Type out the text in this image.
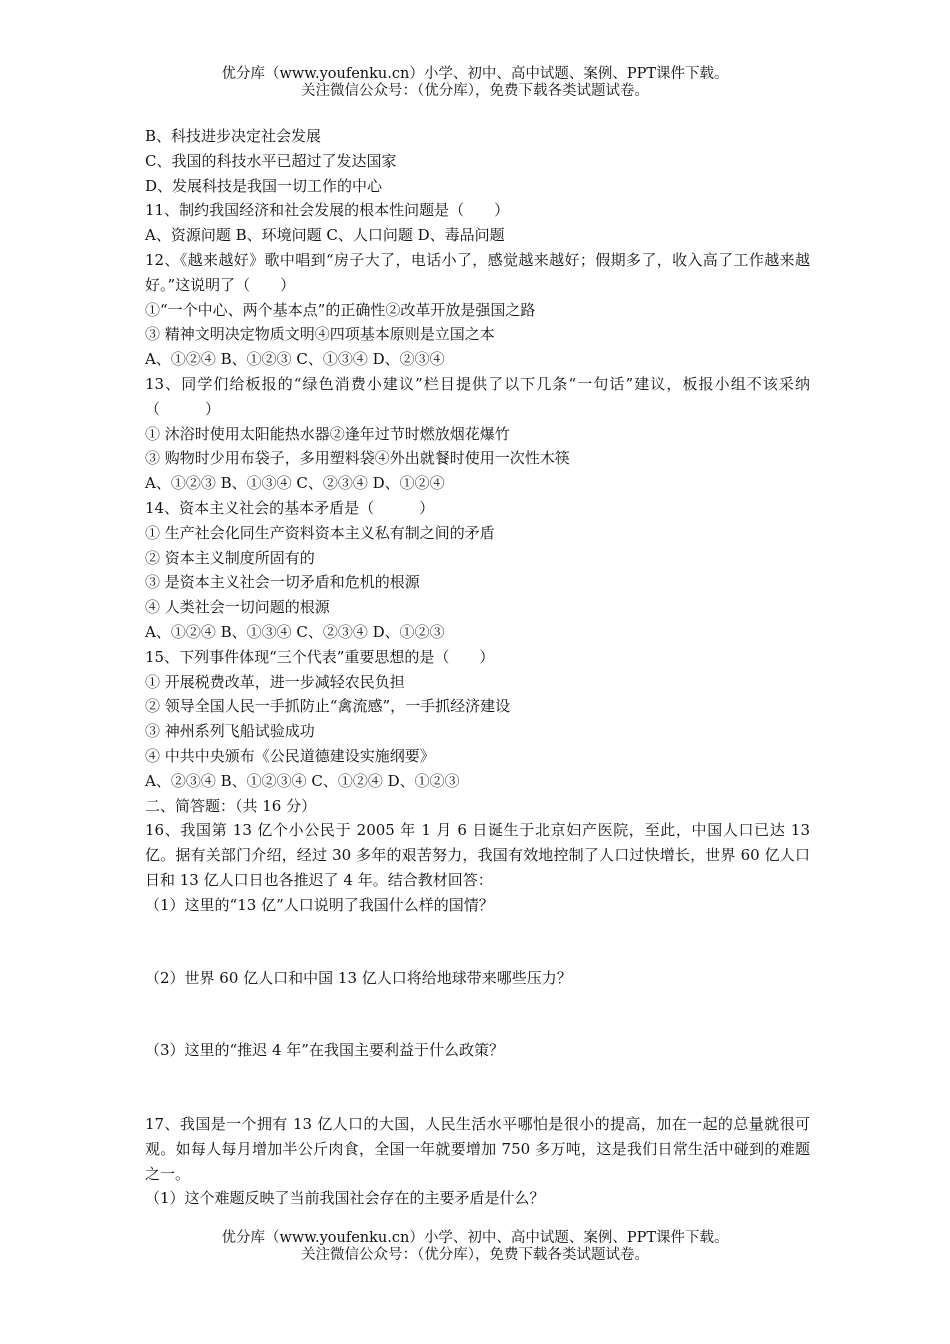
优分库（www.youfenku.cn）小学、初中、高中试题、案例、PPT课件下载。
关注微信公众号：（优分库），免费下载各类试题试卷。

B、科技进步决定社会发展

C、我国的科技水平已超过了发达国家

D、发展科技是我国一切工作的中心

11、制约我国经济和社会发展的根本性问题是（　　）

A、资源问题 B、环境问题 C、人口问题 D、毒品问题

12、《越来越好》歌中唱到“房子大了，电话小了，感觉越来越好；假期多了，收入高了工作越来越好。”这说明了（　　）

①“一个中心、两个基本点”的正确性②改革开放是强国之路

③ 精神文明决定物质文明④四项基本原则是立国之本

A、①②④ B、①②③ C、①③④ D、②③④

13、同学们给板报的“绿色消费小建议”栏目提供了以下几条“一句话”建议，板报小组不该采纳（　　　）

① 沐浴时使用太阳能热水器②逢年过节时燃放烟花爆竹

③ 购物时少用布袋子，多用塑料袋④外出就餐时使用一次性木筷

A、①②③ B、①③④ C、②③④ D、①②④

14、资本主义社会的基本矛盾是（　　　）

① 生产社会化同生产资料资本主义私有制之间的矛盾

② 资本主义制度所固有的

③ 是资本主义社会一切矛盾和危机的根源

④ 人类社会一切问题的根源

A、①②④ B、①③④ C、②③④ D、①②③

15、下列事件体现“三个代表”重要思想的是（　　）

① 开展税费改革，进一步减轻农民负担

② 领导全国人民一手抓防止“禽流感”，一手抓经济建设

③ 神州系列飞船试验成功

④ 中共中央颁布《公民道德建设实施纲要》

A、②③④ B、①②③④ C、①②④ D、①②③

二、简答题：（共 16 分）

16、我国第 13 亿个小公民于 2005 年 1 月 6 日诞生于北京妇产医院，至此，中国人口已达 13 亿。据有关部门介绍，经过 30 多年的艰苦努力，我国有效地控制了人口过快增长，世界 60 亿人口日和 13 亿人口日也各推迟了 4 年。结合教材回答：

（1）这里的“13 亿”人口说明了我国什么样的国情？

（2）世界 60 亿人口和中国 13 亿人口将给地球带来哪些压力？

（3）这里的“推迟 4 年”在我国主要利益于什么政策？

17、我国是一个拥有 13 亿人口的大国，人民生活水平哪怕是很小的提高，加在一起的总量就很可观。如每人每月增加半公斤肉食，全国一年就要增加 750 多万吨，这是我们日常生活中碰到的难题之一。

（1）这个难题反映了当前我国社会存在的主要矛盾是什么？

优分库（www.youfenku.cn）小学、初中、高中试题、案例、PPT课件下载。
关注微信公众号：（优分库），免费下载各类试题试卷。
